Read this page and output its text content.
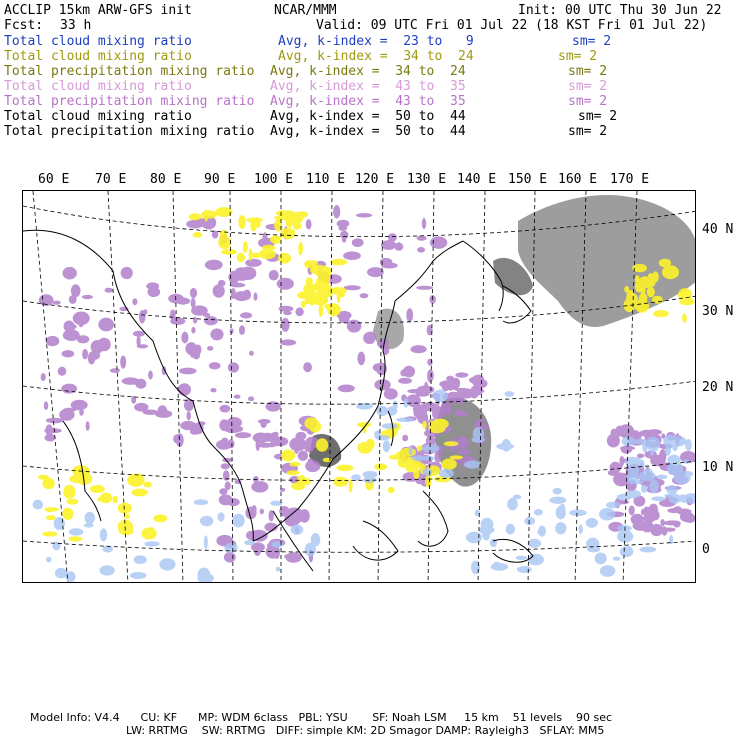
ACCLIP 15km ARW-GFS init	NCAR/MMM	Init: 00 UTC Thu 30 Jun 22
Fcst: 33 h	Valid: 09 UTC Fri 01 Jul 22 (18 KST Fri 01 Jul 22)
Total cloud mixing ratio	Avg, k-index =  23 to   9	sm= 2
Total cloud mixing ratio	Avg, k-index =  34 to  24	sm= 2
Total precipitation mixing ratio Avg, k-index =  34 to  24	sm= 2
Total cloud mixing ratio	Avg, k-index =  43 to  35	sm= 2
Total precipitation mixing ratio Avg, k-index =  43 to  35	sm= 2
Total cloud mixing ratio	Avg, k-index =  50 to  44	sm= 2
Total precipitation mixing ratio Avg, k-index =  50 to  44	sm= 2
60 E 70 E 80 E 90 E 100 E 110 E 120 E 130 E 140 E 150 E 160 E 170 E
40 N
30 N
20 N
10 N
0
Model Info: V4.4      CU: KF      MP: WDM 6class   PBL: YSU       SF: Noah LSM     15 km    51 levels    90 sec
LW: RRTMG    SW: RRTMG   DIFF: simple KM: 2D Smagor DAMP: Rayleigh3   SFLAY: MM5
